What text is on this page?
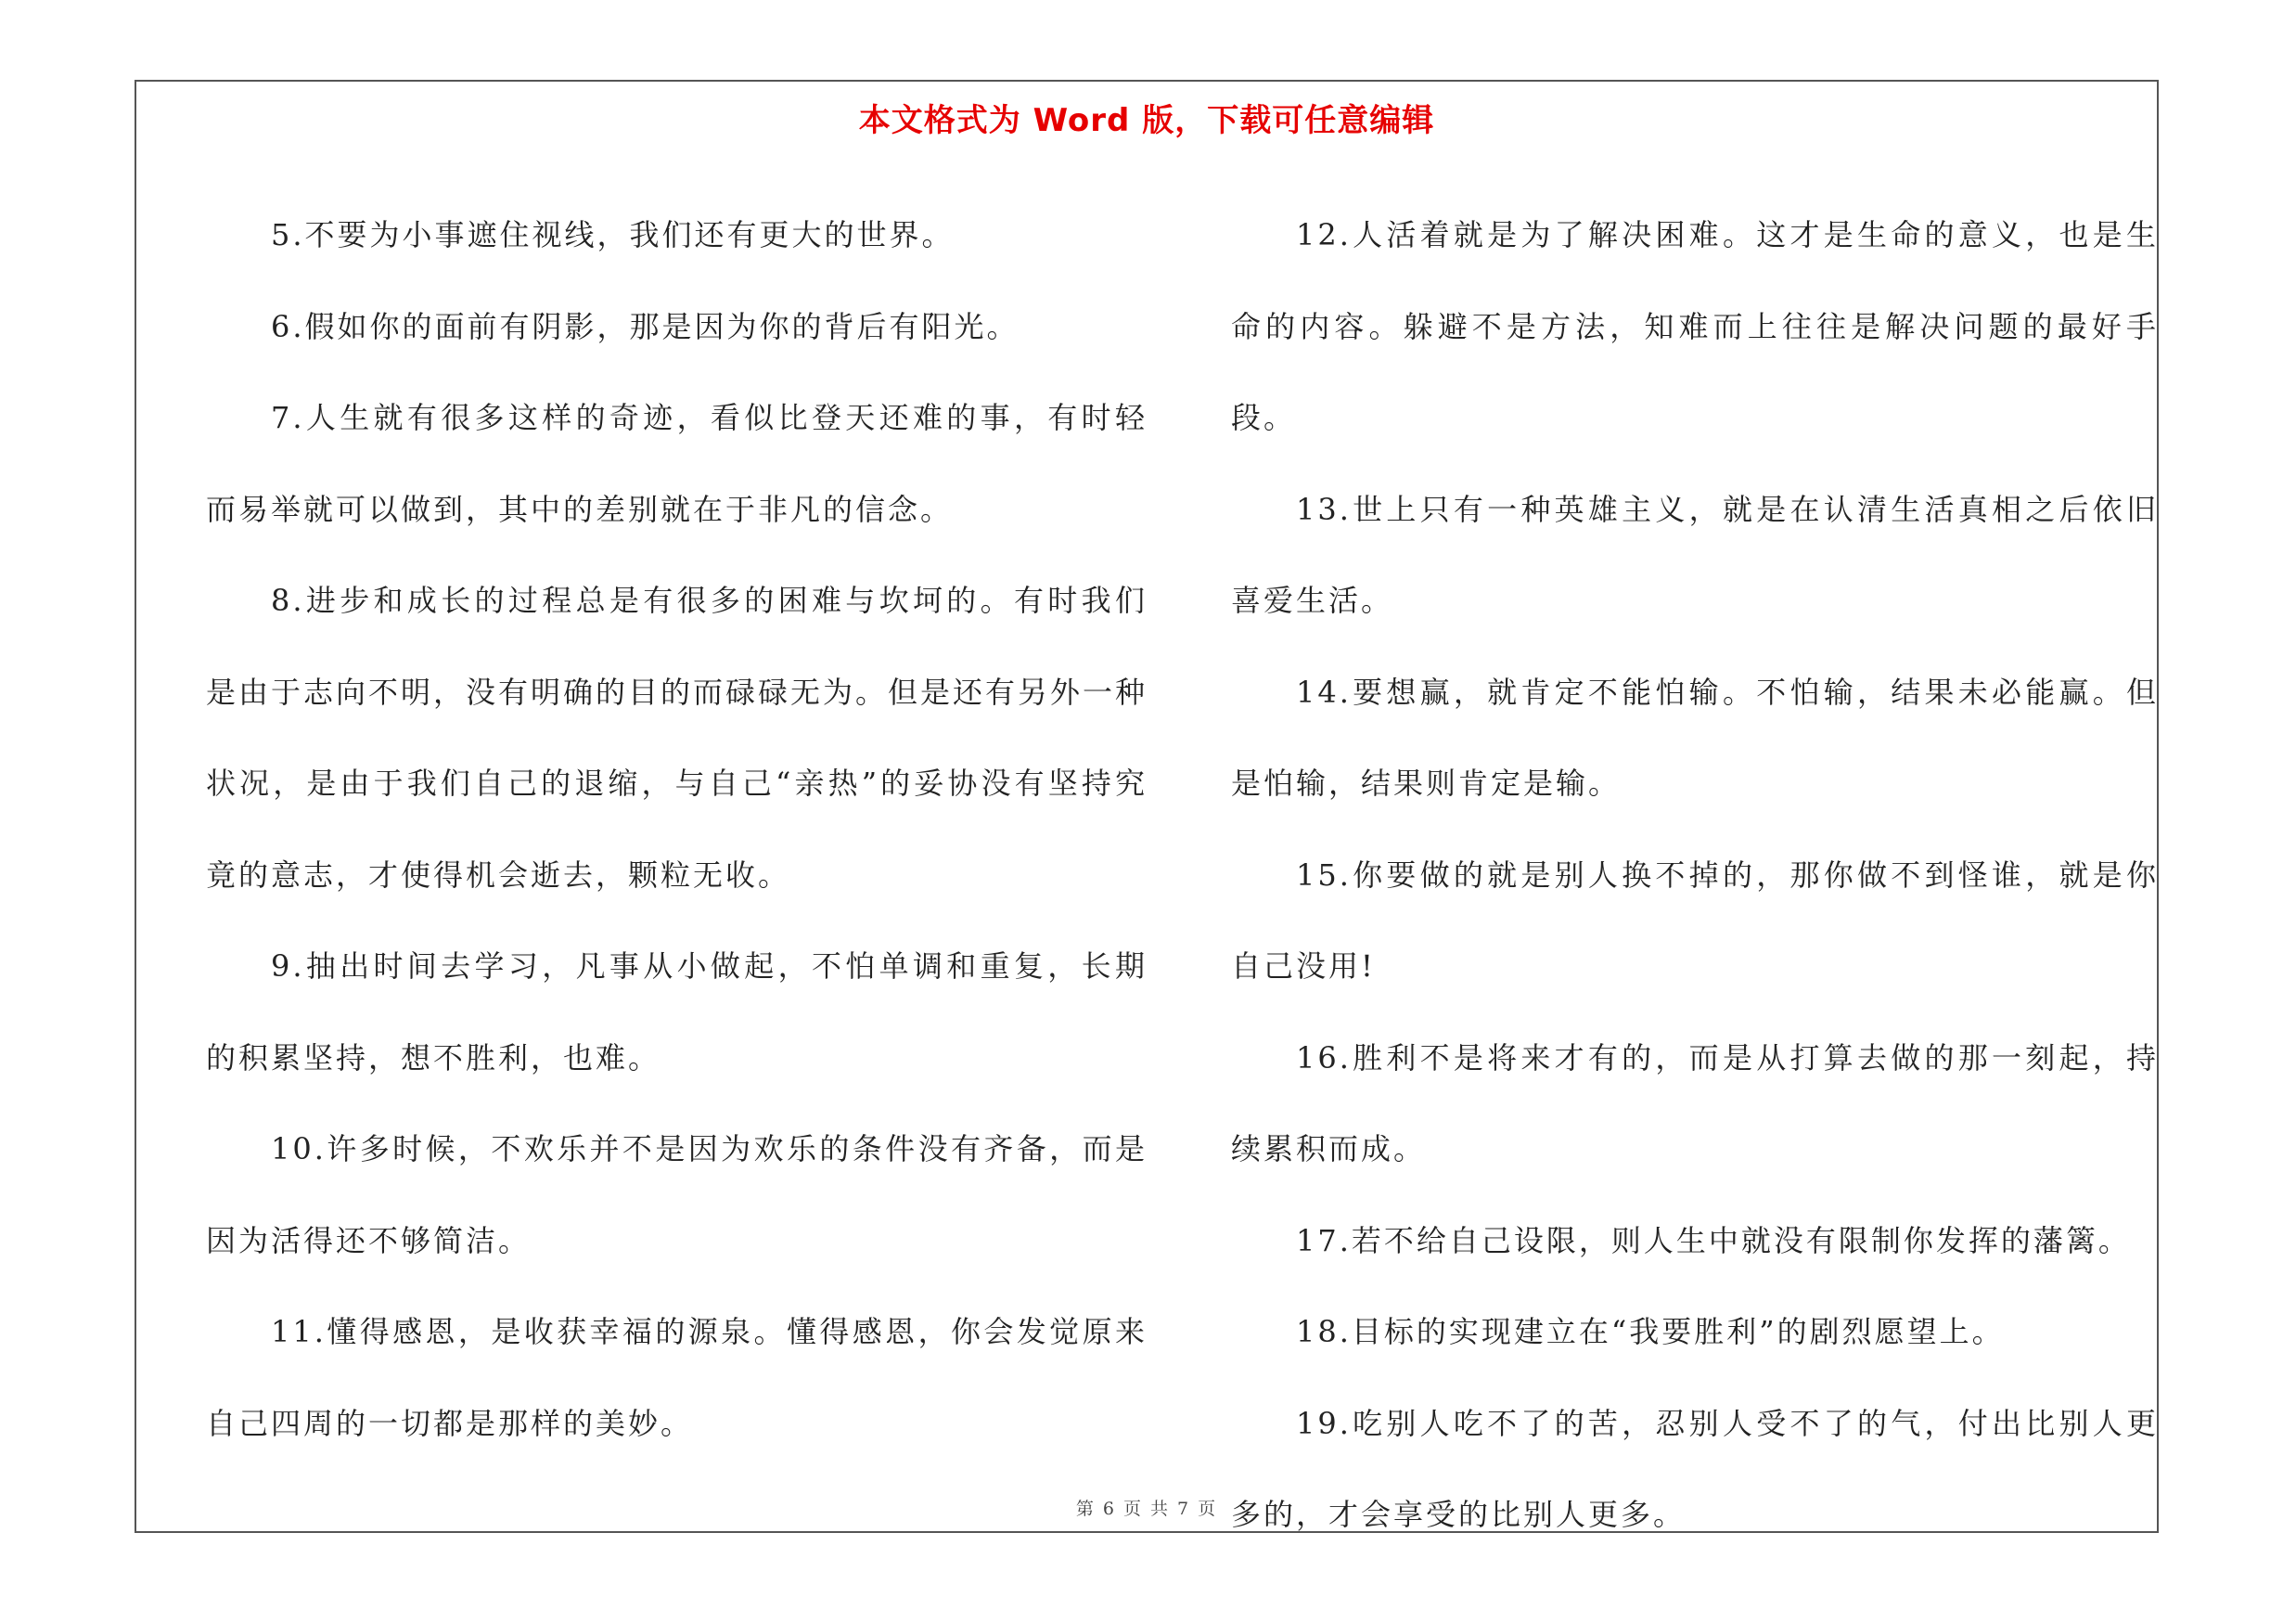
本文格式为 Word 版，下载可任意编辑

5.不要为小事遮住视线，我们还有更大的世界。

6.假如你的面前有阴影，那是因为你的背后有阳光。

7.人生就有很多这样的奇迹，看似比登天还难的事，有时轻而易举就可以做到，其中的差别就在于非凡的信念。

8.进步和成长的过程总是有很多的困难与坎坷的。有时我们是由于志向不明，没有明确的目的而碌碌无为。但是还有另外一种状况，是由于我们自己的退缩，与自己“亲热”的妥协没有坚持究竟的意志，才使得机会逝去，颗粒无收。

9.抽出时间去学习，凡事从小做起，不怕单调和重复，长期的积累坚持，想不胜利，也难。

10.许多时候，不欢乐并不是因为欢乐的条件没有齐备，而是因为活得还不够简洁。

11.懂得感恩，是收获幸福的源泉。懂得感恩，你会发觉原来自己四周的一切都是那样的美妙。

12.人活着就是为了解决困难。这才是生命的意义，也是生命的内容。躲避不是方法，知难而上往往是解决问题的最好手段。

13.世上只有一种英雄主义，就是在认清生活真相之后依旧喜爱生活。

14.要想赢，就肯定不能怕输。不怕输，结果未必能赢。但是怕输，结果则肯定是输。

15.你要做的就是别人换不掉的，那你做不到怪谁，就是你自己没用!

16.胜利不是将来才有的，而是从打算去做的那一刻起，持续累积而成。

17.若不给自己设限，则人生中就没有限制你发挥的藩篱。

18.目标的实现建立在“我要胜利”的剧烈愿望上。

19.吃别人吃不了的苦，忍别人受不了的气，付出比别人更多的，才会享受的比别人更多。

第 6 页 共 7 页
